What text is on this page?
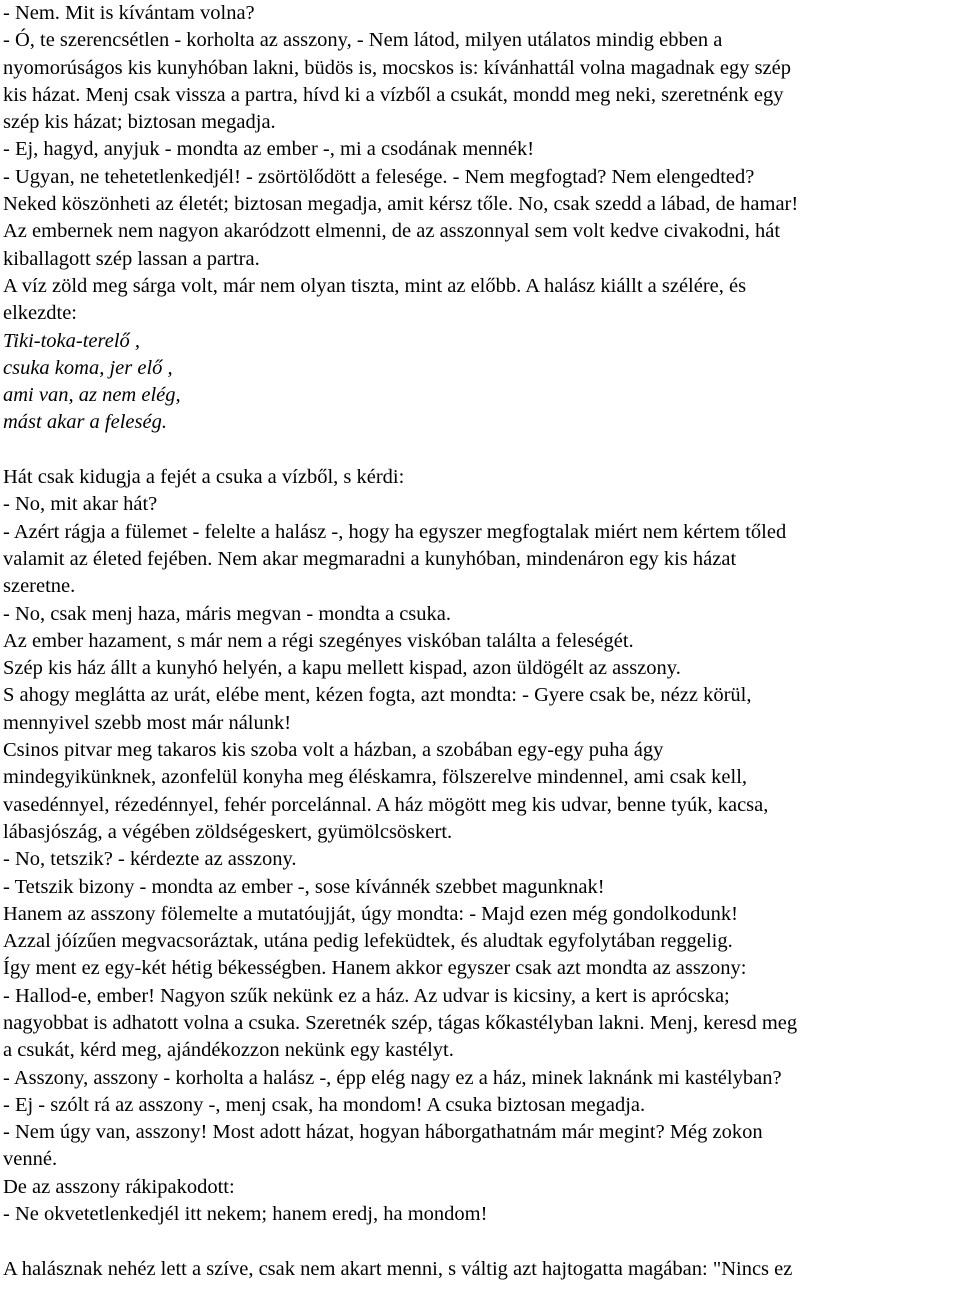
- Nem. Mit is kívántam volna?
- Ó, te szerencsétlen - korholta az asszony, - Nem látod, milyen utálatos mindig ebben a
nyomorúságos kis kunyhóban lakni, büdös is, mocskos is: kívánhattál volna magadnak egy szép
kis házat. Menj csak vissza a partra, hívd ki a vízből a csukát, mondd meg neki, szeretnénk egy
szép kis házat; biztosan megadja.
- Ej, hagyd, anyjuk - mondta az ember -, mi a csodának mennék!
- Ugyan, ne tehetetlenkedjél! - zsörtölődött a felesége. - Nem megfogtad? Nem elengedted?
Neked köszönheti az életét; biztosan megadja, amit kérsz tőle. No, csak szedd a lábad, de hamar!
Az embernek nem nagyon akaródzott elmenni, de az asszonnyal sem volt kedve civakodni, hát
kiballagott szép lassan a partra.
A víz zöld meg sárga volt, már nem olyan tiszta, mint az előbb. A halász kiállt a szélére, és
elkezdte:
Tiki-toka-terelő ,
csuka koma, jer elő ,
ami van, az nem elég,
mást akar a feleség.
Hát csak kidugja a fejét a csuka a vízből, s kérdi:
- No, mit akar hát?
- Azért rágja a fülemet - felelte a halász -, hogy ha egyszer megfogtalak miért nem kértem tőled
valamit az életed fejében. Nem akar megmaradni a kunyhóban, mindenáron egy kis házat
szeretne.
- No, csak menj haza, máris megvan - mondta a csuka.
Az ember hazament, s már nem a régi szegényes viskóban találta a feleségét.
Szép kis ház állt a kunyhó helyén, a kapu mellett kispad, azon üldögélt az asszony.
S ahogy meglátta az urát, elébe ment, kézen fogta, azt mondta: - Gyere csak be, nézz körül,
mennyivel szebb most már nálunk!
Csinos pitvar meg takaros kis szoba volt a házban, a szobában egy-egy puha ágy
mindegyikünknek, azonfelül konyha meg éléskamra, fölszerelve mindennel, ami csak kell,
vasedénnyel, rézedénnyel, fehér porcelánnal. A ház mögött meg kis udvar, benne tyúk, kacsa,
lábasjószág, a végében zöldségeskert, gyümölcsöskert.
- No, tetszik? - kérdezte az asszony.
- Tetszik bizony - mondta az ember -, sose kívánnék szebbet magunknak!
Hanem az asszony fölemelte a mutatóujját, úgy mondta: - Majd ezen még gondolkodunk!
Azzal jóízűen megvacsoráztak, utána pedig lefeküdtek, és aludtak egyfolytában reggelig.
Így ment ez egy-két hétig békességben. Hanem akkor egyszer csak azt mondta az asszony:
- Hallod-e, ember! Nagyon szűk nekünk ez a ház. Az udvar is kicsiny, a kert is aprócska;
nagyobbat is adhatott volna a csuka. Szeretnék szép, tágas kőkastélyban lakni. Menj, keresd meg
a csukát, kérd meg, ajándékozzon nekünk egy kastélyt.
- Asszony, asszony - korholta a halász -, épp elég nagy ez a ház, minek laknánk mi kastélyban?
- Ej - szólt rá az asszony -, menj csak, ha mondom! A csuka biztosan megadja.
- Nem úgy van, asszony! Most adott házat, hogyan háborgathatnám már megint? Még zokon
venné.
De az asszony rákipakodott:
- Ne okvetetlenkedjél itt nekem; hanem eredj, ha mondom!
A halásznak nehéz lett a szíve, csak nem akart menni, s váltig azt hajtogatta magában: "Nincs ez
